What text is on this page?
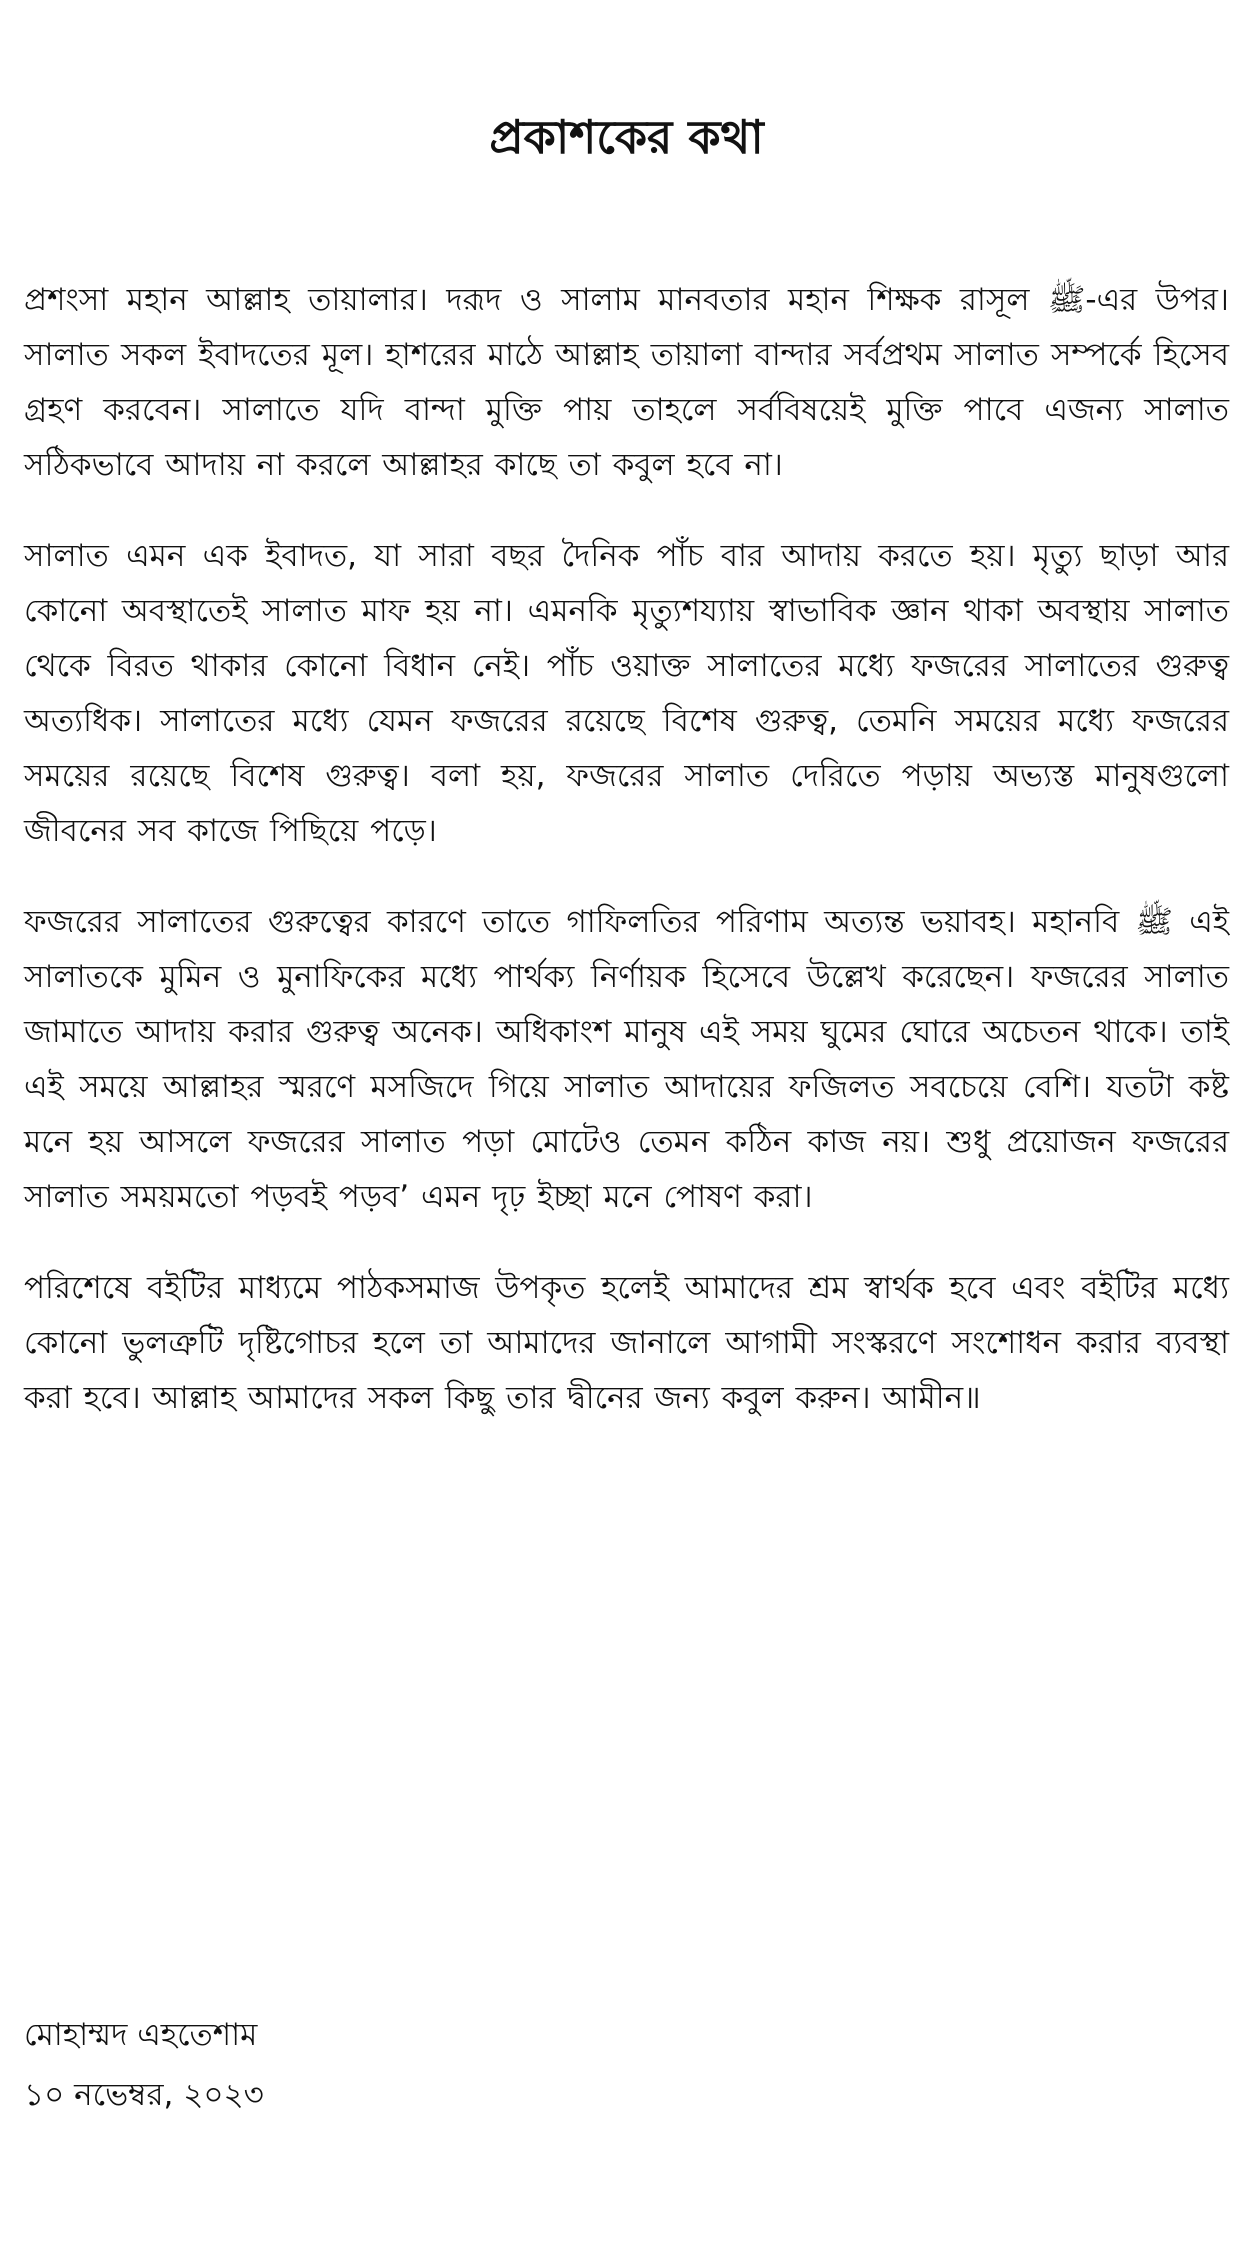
প্রকাশকের কথা

প্রশংসা মহান আল্লাহ তায়ালার। দরূদ ও সালাম মানবতার মহান শিক্ষক রাসূল ﷺ-এর উপর। সালাত সকল ইবাদতের মূল। হাশরের মাঠে আল্লাহ তায়ালা বান্দার সর্বপ্রথম সালাত সম্পর্কে হিসেব গ্রহণ করবেন। সালাতে যদি বান্দা মুক্তি পায় তাহলে সর্ববিষয়েই মুক্তি পাবে এজন্য সালাত সঠিকভাবে আদায় না করলে আল্লাহর কাছে তা কবুল হবে না।

সালাত এমন এক ইবাদত, যা সারা বছর দৈনিক পাঁচ বার আদায় করতে হয়। মৃত্যু ছাড়া আর কোনো অবস্থাতেই সালাত মাফ হয় না। এমনকি মৃত্যুশয্যায় স্বাভাবিক জ্ঞান থাকা অবস্থায় সালাত থেকে বিরত থাকার কোনো বিধান নেই। পাঁচ ওয়াক্ত সালাতের মধ্যে ফজরের সালাতের গুরুত্ব অত্যধিক। সালাতের মধ্যে যেমন ফজরের রয়েছে বিশেষ গুরুত্ব, তেমনি সময়ের মধ্যে ফজরের সময়ের রয়েছে বিশেষ গুরুত্ব। বলা হয়, ফজরের সালাত দেরিতে পড়ায় অভ্যস্ত মানুষগুলো জীবনের সব কাজে পিছিয়ে পড়ে।

ফজরের সালাতের গুরুত্বের কারণে তাতে গাফিলতির পরিণাম অত্যন্ত ভয়াবহ। মহানবি ﷺ এই সালাতকে মুমিন ও মুনাফিকের মধ্যে পার্থক্য নির্ণায়ক হিসেবে উল্লেখ করেছেন। ফজরের সালাত জামাতে আদায় করার গুরুত্ব অনেক। অধিকাংশ মানুষ এই সময় ঘুমের ঘোরে অচেতন থাকে। তাই এই সময়ে আল্লাহর স্মরণে মসজিদে গিয়ে সালাত আদায়ের ফজিলত সবচেয়ে বেশি। যতটা কষ্ট মনে হয় আসলে ফজরের সালাত পড়া মোটেও তেমন কঠিন কাজ নয়। শুধু প্রয়োজন ফজরের সালাত সময়মতো পড়বই পড়ব’ এমন দৃঢ় ইচ্ছা মনে পোষণ করা।

পরিশেষে বইটির মাধ্যমে পাঠকসমাজ উপকৃত হলেই আমাদের শ্রম স্বার্থক হবে এবং বইটির মধ্যে কোনো ভুলত্রুটি দৃষ্টিগোচর হলে তা আমাদের জানালে আগামী সংস্করণে সংশোধন করার ব্যবস্থা করা হবে। আল্লাহ আমাদের সকল কিছু তার দ্বীনের জন্য কবুল করুন। আমীন॥

মোহাম্মদ এহতেশাম
১০ নভেম্বর, ২০২৩
